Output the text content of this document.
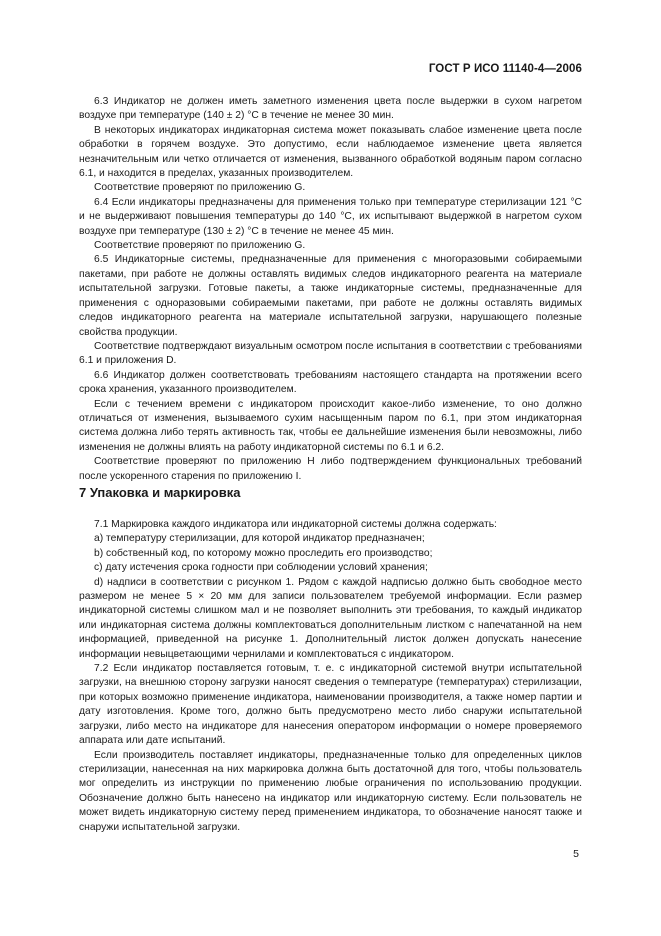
ГОСТ Р ИСО 11140-4—2006

6.3 Индикатор не должен иметь заметного изменения цвета после выдержки в сухом нагретом воздухе при температуре (140 ± 2) °С в течение не менее 30 мин.

В некоторых индикаторах индикаторная система может показывать слабое изменение цвета после обработки в горячем воздухе. Это допустимо, если наблюдаемое изменение цвета является незначительным или четко отличается от изменения, вызванного обработкой водяным паром согласно 6.1, и находится в пределах, указанных производителем.

Соответствие проверяют по приложению G.

6.4 Если индикаторы предназначены для применения только при температуре стерилизации 121 °С и не выдерживают повышения температуры до 140 °С, их испытывают выдержкой в нагретом сухом воздухе при температуре (130 ± 2) °С в течение не менее 45 мин.

Соответствие проверяют по приложению G.

6.5 Индикаторные системы, предназначенные для применения с многоразовыми собираемыми пакетами, при работе не должны оставлять видимых следов индикаторного реагента на материале испытательной загрузки. Готовые пакеты, а также индикаторные системы, предназначенные для применения с одноразовыми собираемыми пакетами, при работе не должны оставлять видимых следов индикаторного реагента на материале испытательной загрузки, нарушающего полезные свойства продукции.

Соответствие подтверждают визуальным осмотром после испытания в соответствии с требованиями 6.1 и приложения D.

6.6 Индикатор должен соответствовать требованиям настоящего стандарта на протяжении всего срока хранения, указанного производителем.

Если с течением времени с индикатором происходит какое-либо изменение, то оно должно отличаться от изменения, вызываемого сухим насыщенным паром по 6.1, при этом индикаторная система должна либо терять активность так, чтобы ее дальнейшие изменения были невозможны, либо изменения не должны влиять на работу индикаторной системы по 6.1 и 6.2.

Соответствие проверяют по приложению Н либо подтверждением функциональных требований после ускоренного старения по приложению I.

7 Упаковка и маркировка

7.1 Маркировка каждого индикатора или индикаторной системы должна содержать:

a) температуру стерилизации, для которой индикатор предназначен;

b) собственный код, по которому можно проследить его производство;

c) дату истечения срока годности при соблюдении условий хранения;

d) надписи в соответствии с рисунком 1. Рядом с каждой надписью должно быть свободное место размером не менее 5 × 20 мм для записи пользователем требуемой информации. Если размер индикаторной системы слишком мал и не позволяет выполнить эти требования, то каждый индикатор или индикаторная система должны комплектоваться дополнительным листком с напечатанной на нем информацией, приведенной на рисунке 1. Дополнительный листок должен допускать нанесение информации невыцветающими чернилами и комплектоваться с индикатором.

7.2 Если индикатор поставляется готовым, т. е. с индикаторной системой внутри испытательной загрузки, на внешнюю сторону загрузки наносят сведения о температуре (температурах) стерилизации, при которых возможно применение индикатора, наименовании производителя, а также номер партии и дату изготовления. Кроме того, должно быть предусмотрено место либо снаружи испытательной загрузки, либо место на индикаторе для нанесения оператором информации о номере проверяемого аппарата или дате испытаний.

Если производитель поставляет индикаторы, предназначенные только для определенных циклов стерилизации, нанесенная на них маркировка должна быть достаточной для того, чтобы пользователь мог определить из инструкции по применению любые ограничения по использованию продукции. Обозначение должно быть нанесено на индикатор или индикаторную систему. Если пользователь не может видеть индикаторную систему перед применением индикатора, то обозначение наносят также и снаружи испытательной загрузки.

5
